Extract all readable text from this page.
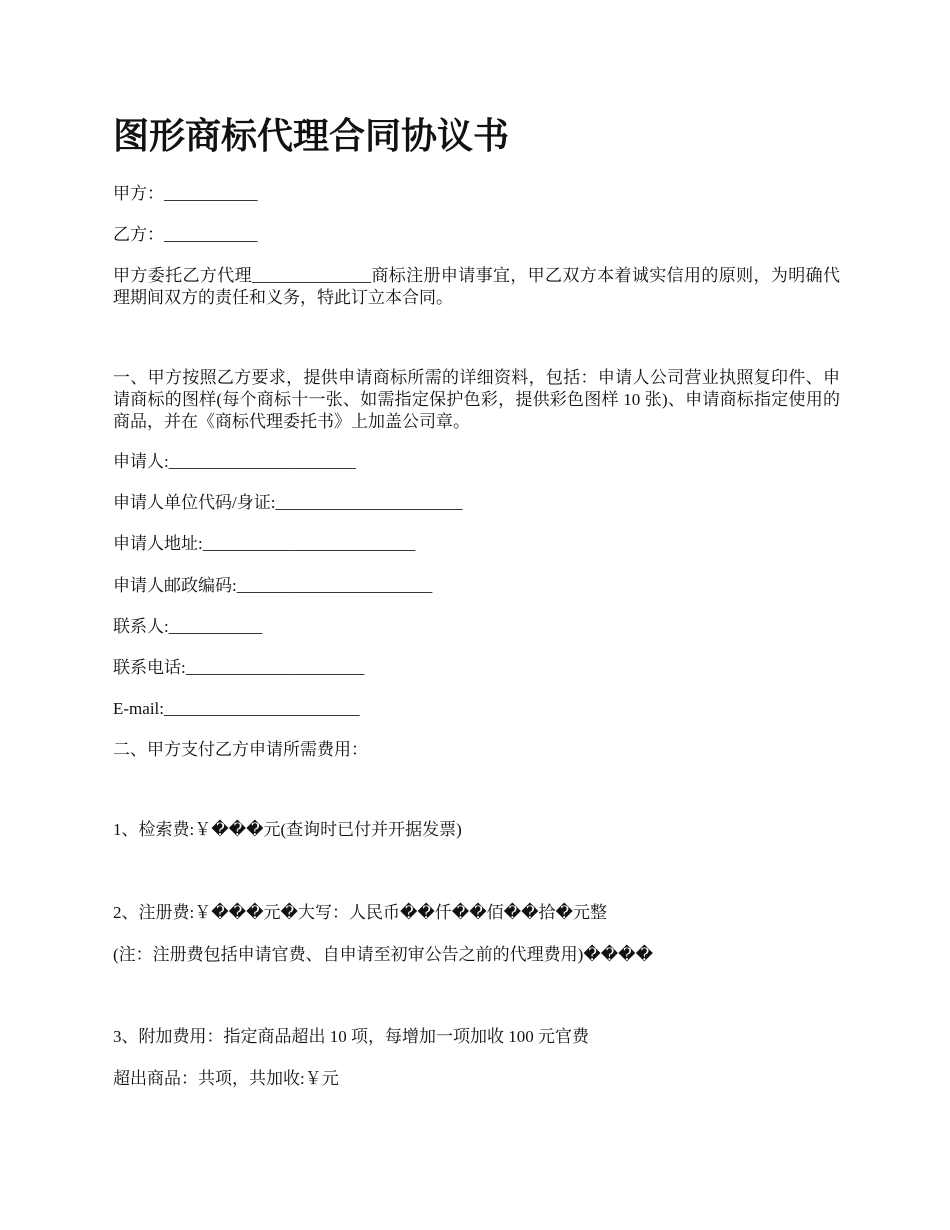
图形商标代理合同协议书
甲方：___________
乙方：___________
甲方委托乙方代理______________商标注册申请事宜，甲乙双方本着诚实信用的原则，为明确代理期间双方的责任和义务，特此订立本合同。
一、甲方按照乙方要求，提供申请商标所需的详细资料，包括：申请人公司营业执照复印件、申请商标的图样(每个商标十一张、如需指定保护色彩，提供彩色图样 10 张)、申请商标指定使用的商品，并在《商标代理委托书》上加盖公司章。
申请人:______________________
申请人单位代码/身证:______________________
申请人地址:_________________________
申请人邮政编码:_______________________
联系人:___________
联系电话:_____________________
E-mail:_______________________
二、甲方支付乙方申请所需费用：
1、检索费:￥���元(查询时已付并开据发票)
2、注册费:￥���元�大写：人民币��仟��佰��拾�元整
(注：注册费包括申请官费、自申请至初审公告之前的代理费用)����
3、附加费用：指定商品超出 10 项，每增加一项加收 100 元官费
超出商品：共项，共加收:￥元
